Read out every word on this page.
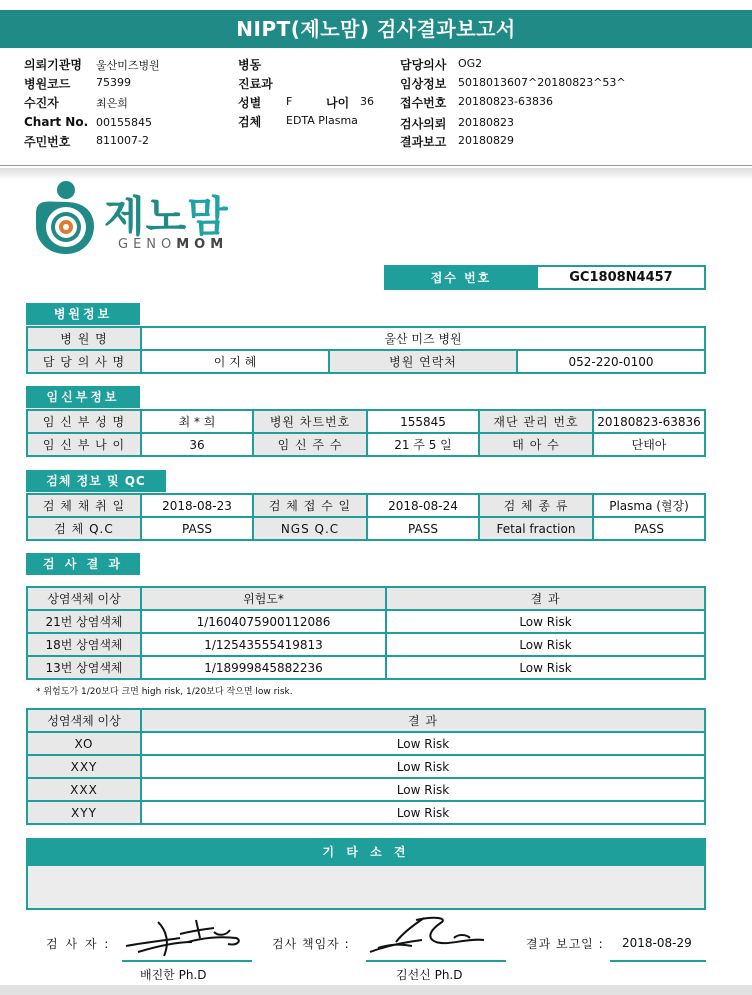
NIPT(제노맘) 검사결과보고서
의뢰기관명 울산미즈병원
병원코드 75399
수진자	최은희
Chart No. 00155845
주민번호 811007-2
병동
진료과
성별 F	나이 36
검체 EDTA Plasma
담당의사 OG2
임상정보 5018013607^20180823^53^
접수번호 20180823-63836
검사의뢰 20180823
결과보고 20180829
제노맘
GENOMOM
접수 번호	GC1808N4457
병원정보
병 원 명	울산 미즈 병원		
담 당 의 사 명	이 지 혜	병원 연락처	052-220-0100
임신부정보
임 신 부 성 명	최 * 희	병원 차트번호	155845	재단 관리 번호	20180823-63836
임 신 부 나 이	36	임 신 주 수	21 주 5 일	태 아 수	단태아
검체 정보 및 QC
검 체 채 취 일	2018-08-23	검 체 접 수 일	2018-08-24	검 체 종 류	Plasma (혈장)
검 체 Q.C	PASS	NGS Q.C	PASS	Fetal fraction	PASS
검 사 결 과
상염색체 이상	위험도*	결 과
21번 상염색체	1/1604075900112086	Low Risk
18번 상염색체	1/12543555419813	Low Risk
13번 상염색체	1/18999845882236	Low Risk
* 위험도가 1/20보다 크면 high risk, 1/20보다 작으면 low risk.
성염색체 이상	결 과
XO	Low Risk
XXY	Low Risk
XXX	Low Risk
XYY	Low Risk
기 타 소 견
검 사 자 :
배진한 Ph.D
검사 책임자 :
김선신 Ph.D
결과 보고일 : 2018-08-29
